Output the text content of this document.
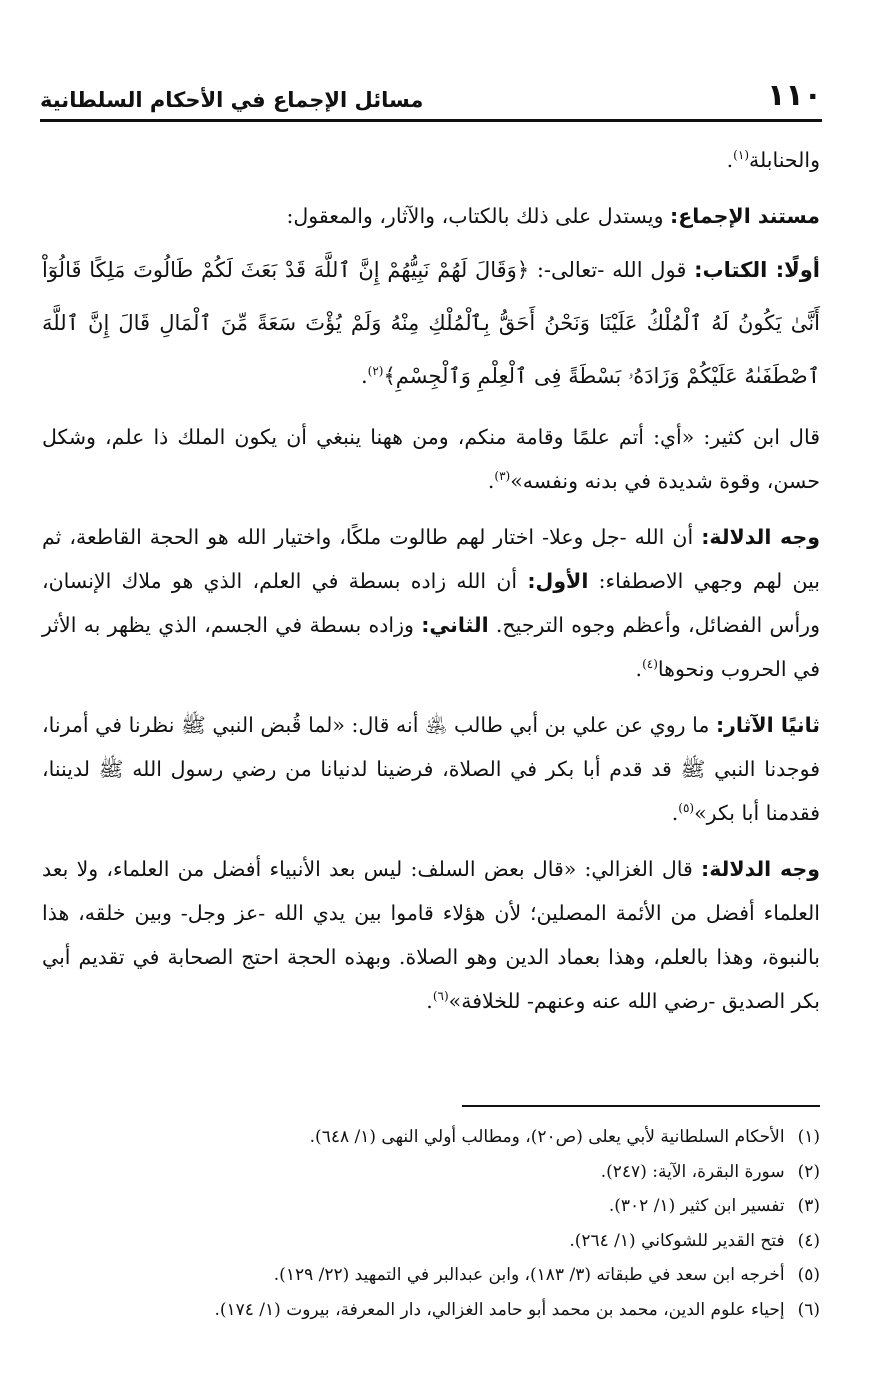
١١٠
مسائل الإجماع في الأحكام السلطانية

والحنابلة$^{(١)}$.

مستند الإجماع: ويستدل على ذلك بالكتاب، والآثار، والمعقول:

أولًا: الكتاب: قول الله -تعالى-: ﴿وَقَالَ لَهُمْ نَبِيُّهُمْ إِنَّ ٱللَّهَ قَدْ بَعَثَ لَكُمْ طَالُوتَ مَلِكًا قَالُوٓاْ أَنَّىٰ يَكُونُ لَهُ ٱلْمُلْكُ عَلَيْنَا وَنَحْنُ أَحَقُّ بِٱلْمُلْكِ مِنْهُ وَلَمْ يُؤْتَ سَعَةً مِّنَ ٱلْمَالِ قَالَ إِنَّ ٱللَّهَ ٱصْطَفَىٰهُ عَلَيْكُمْ وَزَادَهُۥ بَسْطَةً فِى ٱلْعِلْمِ وَٱلْجِسْمِ﴾$^{(٢)}$.

قال ابن كثير: «أي: أتم علمًا وقامة منكم، ومن ههنا ينبغي أن يكون الملك ذا علم، وشكل حسن، وقوة شديدة في بدنه ونفسه»$^{(٣)}$.

وجه الدلالة: أن الله -جل وعلا- اختار لهم طالوت ملكًا، واختيار الله هو الحجة القاطعة، ثم بين لهم وجهي الاصطفاء: الأول: أن الله زاده بسطة في العلم، الذي هو ملاك الإنسان، ورأس الفضائل، وأعظم وجوه الترجيح. الثاني: وزاده بسطة في الجسم، الذي يظهر به الأثر في الحروب ونحوها$^{(٤)}$.

ثانيًا الآثار: ما روي عن علي بن أبي طالب ﵁ أنه قال: «لما قُبض النبي ﷺ نظرنا في أمرنا، فوجدنا النبي ﷺ قد قدم أبا بكر في الصلاة، فرضينا لدنيانا من رضي رسول الله ﷺ لديننا، فقدمنا أبا بكر»$^{(٥)}$.

وجه الدلالة: قال الغزالي: «قال بعض السلف: ليس بعد الأنبياء أفضل من العلماء، ولا بعد العلماء أفضل من الأئمة المصلين؛ لأن هؤلاء قاموا بين يدي الله -عز وجل- وبين خلقه، هذا بالنبوة، وهذا بالعلم، وهذا بعماد الدين وهو الصلاة. وبهذه الحجة احتج الصحابة في تقديم أبي بكر الصديق -رضي الله عنه وعنهم- للخلافة»$^{(٦)}$.

(١) الأحكام السلطانية لأبي يعلى (ص٢٠)، ومطالب أولي النهى (١/ ٦٤٨).
(٢) سورة البقرة، الآية: (٢٤٧).
(٣) تفسير ابن كثير (١/ ٣٠٢).
(٤) فتح القدير للشوكاني (١/ ٢٦٤).
(٥) أخرجه ابن سعد في طبقاته (٣/ ١٨٣)، وابن عبدالبر في التمهيد (٢٢/ ١٢٩).
(٦) إحياء علوم الدين، محمد بن محمد أبو حامد الغزالي، دار المعرفة، بيروت (١/ ١٧٤).
